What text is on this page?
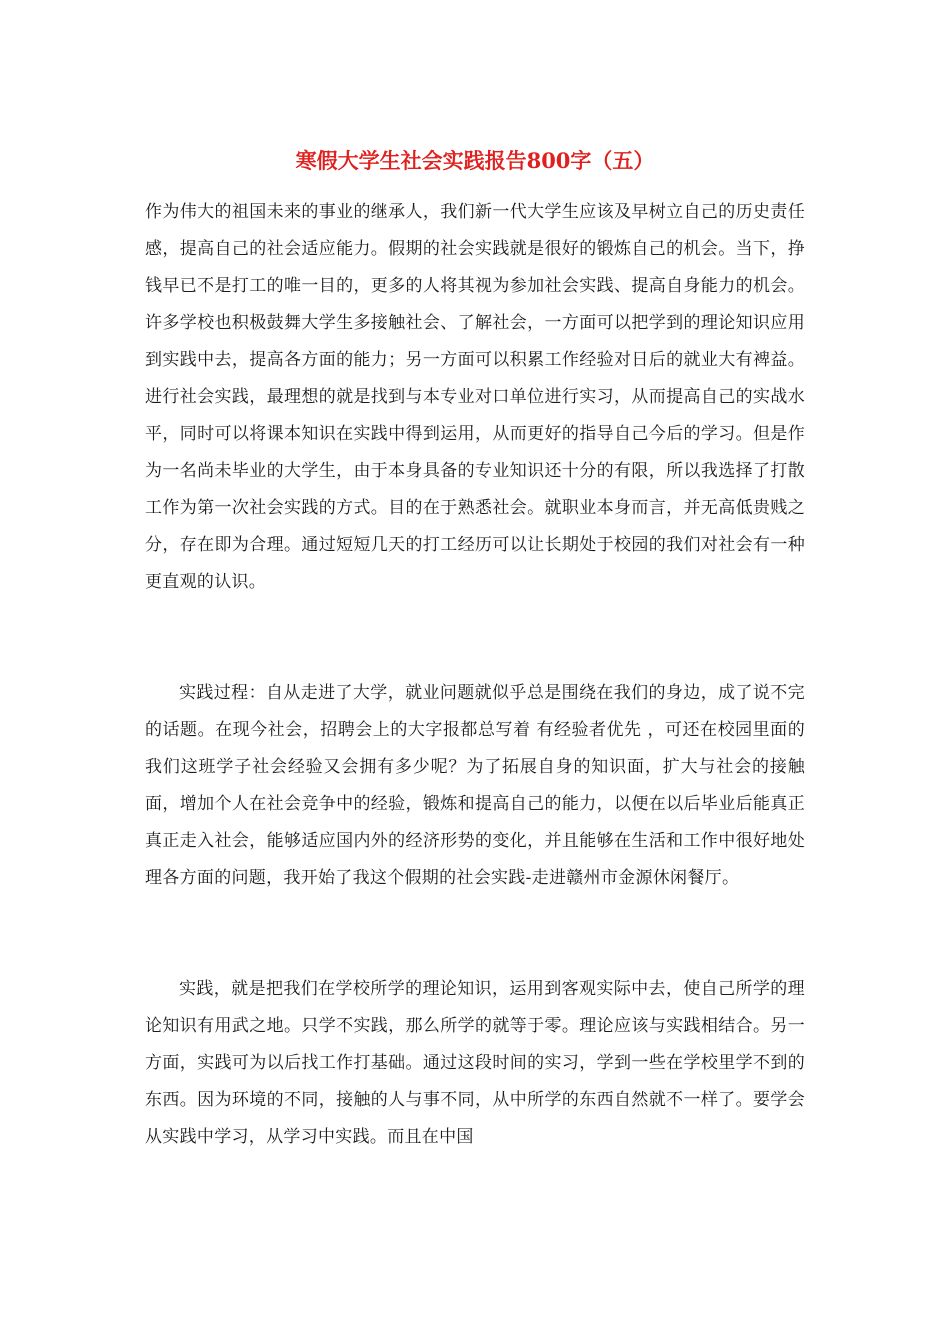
寒假大学生社会实践报告800字（五）

作为伟大的祖国未来的事业的继承人，我们新一代大学生应该及早树立自己的历史责任感，提高自己的社会适应能力。假期的社会实践就是很好的锻炼自己的机会。当下，挣钱早已不是打工的唯一目的，更多的人将其视为参加社会实践、提高自身能力的机会。许多学校也积极鼓舞大学生多接触社会、了解社会，一方面可以把学到的理论知识应用到实践中去，提高各方面的能力；另一方面可以积累工作经验对日后的就业大有裨益。进行社会实践，最理想的就是找到与本专业对口单位进行实习，从而提高自己的实战水平，同时可以将课本知识在实践中得到运用，从而更好的指导自己今后的学习。但是作为一名尚未毕业的大学生，由于本身具备的专业知识还十分的有限，所以我选择了打散工作为第一次社会实践的方式。目的在于熟悉社会。就职业本身而言，并无高低贵贱之分，存在即为合理。通过短短几天的打工经历可以让长期处于校园的我们对社会有一种更直观的认识。

实践过程：自从走进了大学，就业问题就似乎总是围绕在我们的身边，成了说不完的话题。在现今社会，招聘会上的大字报都总写着 有经验者优先 ，可还在校园里面的我们这班学子社会经验又会拥有多少呢？为了拓展自身的知识面，扩大与社会的接触面，增加个人在社会竞争中的经验，锻炼和提高自己的能力，以便在以后毕业后能真正真正走入社会，能够适应国内外的经济形势的变化，并且能够在生活和工作中很好地处理各方面的问题，我开始了我这个假期的社会实践-走进赣州市金源休闲餐厅。

实践，就是把我们在学校所学的理论知识，运用到客观实际中去，使自己所学的理论知识有用武之地。只学不实践，那么所学的就等于零。理论应该与实践相结合。另一方面，实践可为以后找工作打基础。通过这段时间的实习，学到一些在学校里学不到的东西。因为环境的不同，接触的人与事不同，从中所学的东西自然就不一样了。要学会从实践中学习，从学习中实践。而且在中国
